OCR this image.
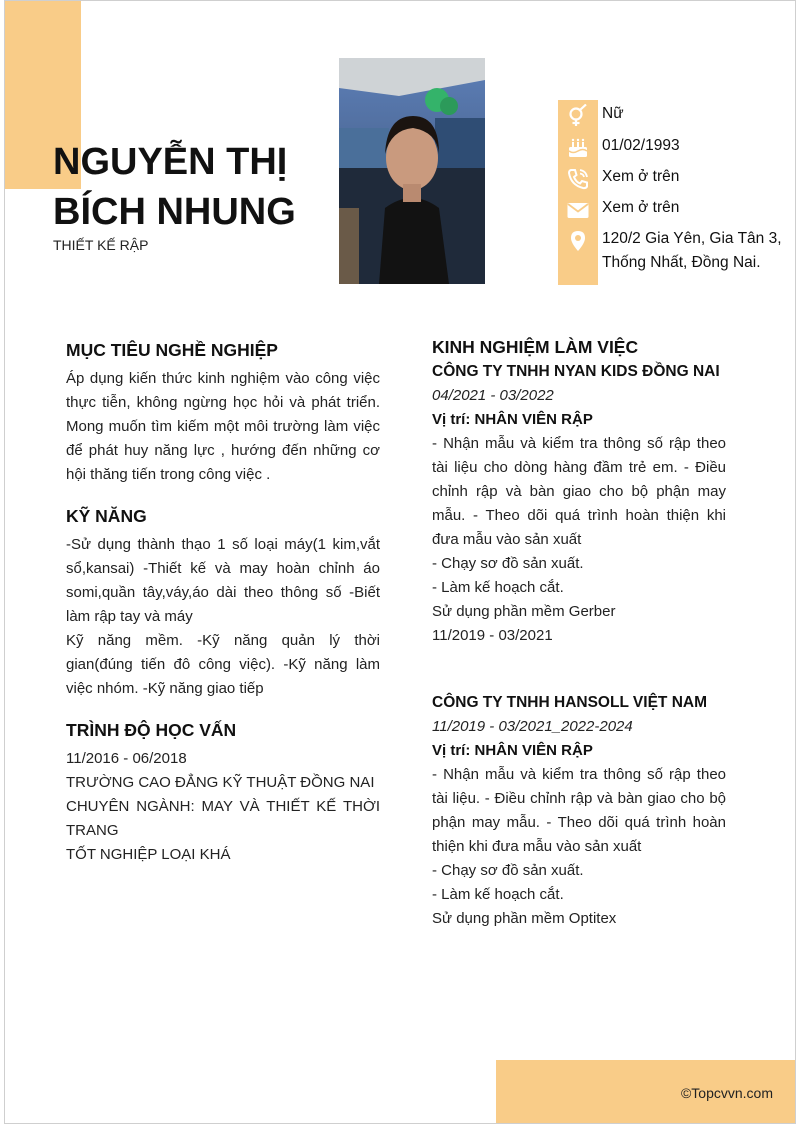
NGUYỄN THỊ BÍCH NHUNG
THIẾT KẾ RẬP
Nữ
01/02/1993
Xem ở trên
Xem ở trên
120/2 Gia Yên, Gia Tân 3, Thống Nhất, Đồng Nai.
MỤC TIÊU NGHỀ NGHIỆP
Áp dụng kiến thức kinh nghiệm vào công việc thực tiễn, không ngừng học hỏi và phát triển. Mong muốn tìm kiếm một môi trường làm việc để phát huy năng lực , hướng đến những cơ hội thăng tiến trong công việc .
KỸ NĂNG
-Sử dụng thành thạo 1 số loại máy(1 kim,vắt sổ,kansai) -Thiết kế và may hoàn chỉnh áo somi,quần tây,váy,áo dài theo thông số -Biết làm rập tay và máy
Kỹ năng mềm. -Kỹ năng quản lý thời gian(đúng tiến đô công việc). -Kỹ năng làm việc nhóm. -Kỹ năng giao tiếp
TRÌNH ĐỘ HỌC VẤN
11/2016 - 06/2018
TRƯỜNG CAO ĐẲNG KỸ THUẬT ĐỒNG NAI
CHUYÊN NGÀNH: MAY VÀ THIẾT KẾ THỜI TRANG
TỐT NGHIỆP LOẠI KHÁ
KINH NGHIỆM LÀM VIỆC
CÔNG TY TNHH NYAN KIDS ĐỒNG NAI
04/2021 - 03/2022
Vị trí: NHÂN VIÊN RẬP
- Nhận mẫu và kiểm tra thông số rập theo tài liệu cho dòng hàng đầm trẻ em. - Điều chỉnh rập và bàn giao cho bộ phận may mẫu. - Theo dõi quá trình hoàn thiện khi đưa mẫu vào sản xuất
- Chạy sơ đồ sản xuất.
- Làm kế hoạch cắt.
Sử dụng phần mềm Gerber
11/2019 - 03/2021
CÔNG TY TNHH HANSOLL VIỆT NAM
11/2019 - 03/2021_2022-2024
Vị trí: NHÂN VIÊN RẬP
- Nhận mẫu và kiểm tra thông số rập theo tài liệu. - Điều chỉnh rập và bàn giao cho bộ phận may mẫu. - Theo dõi quá trình hoàn thiện khi đưa mẫu vào sản xuất
- Chạy sơ đồ sản xuất.
- Làm kế hoạch cắt.
Sử dụng phần mềm Optitex
©Topcvvn.com
